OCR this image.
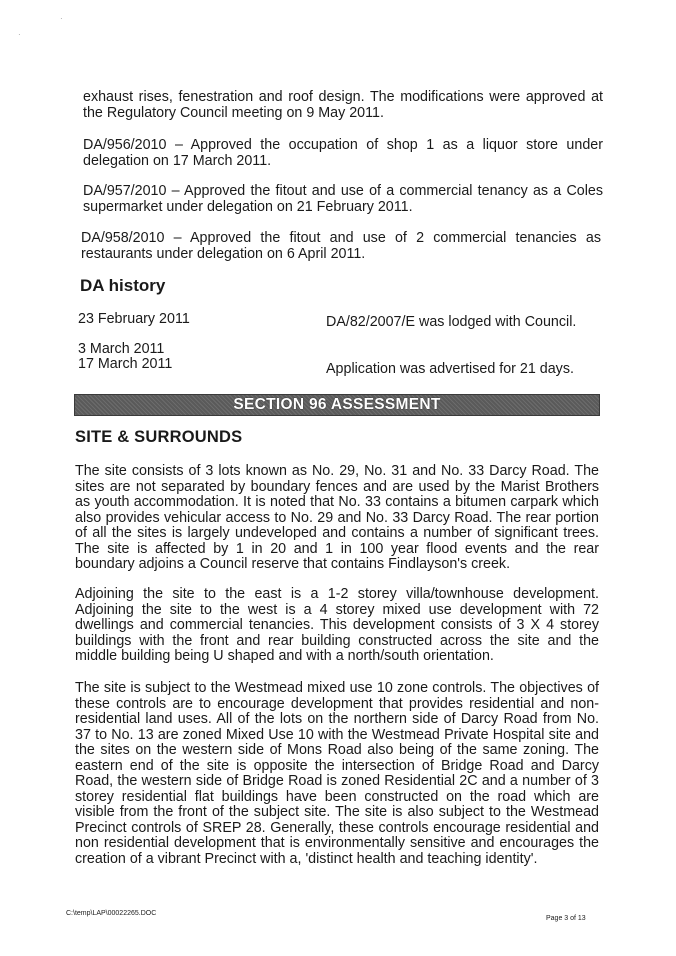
·
·

exhaust rises, fenestration and roof design. The modifications were approved at the Regulatory Council meeting on 9 May 2011.

DA/956/2010 – Approved the occupation of shop 1 as a liquor store under delegation on 17 March 2011.

DA/957/2010 – Approved the fitout and use of a commercial tenancy as a Coles supermarket under delegation on 21 February 2011.

DA/958/2010 – Approved the fitout and use of 2 commercial tenancies as restaurants under delegation on 6 April 2011.

DA history
23 February 2011	DA/82/2007/E was lodged with Council.
3 March 2011
17 March 2011	Application was advertised for 21 days.
SECTION 96 ASSESSMENT
SITE & SURROUNDS

The site consists of 3 lots known as No. 29, No. 31 and No. 33 Darcy Road. The sites are not separated by boundary fences and are used by the Marist Brothers as youth accommodation. It is noted that No. 33 contains a bitumen carpark which also provides vehicular access to No. 29 and No. 33 Darcy Road. The rear portion of all the sites is largely undeveloped and contains a number of significant trees. The site is affected by 1 in 20 and 1 in 100 year flood events and the rear boundary adjoins a Council reserve that contains Findlayson's creek.

Adjoining the site to the east is a 1-2 storey villa/townhouse development. Adjoining the site to the west is a 4 storey mixed use development with 72 dwellings and commercial tenancies. This development consists of 3 X 4 storey buildings with the front and rear building constructed across the site and the middle building being U shaped and with a north/south orientation.

The site is subject to the Westmead mixed use 10 zone controls. The objectives of these controls are to encourage development that provides residential and non-residential land uses. All of the lots on the northern side of Darcy Road from No. 37 to No. 13 are zoned Mixed Use 10 with the Westmead Private Hospital site and the sites on the western side of Mons Road also being of the same zoning. The eastern end of the site is opposite the intersection of Bridge Road and Darcy Road, the western side of Bridge Road is zoned Residential 2C and a number of 3 storey residential flat buildings have been constructed on the road which are visible from the front of the subject site. The site is also subject to the Westmead Precinct controls of SREP 28. Generally, these controls encourage residential and non residential development that is environmentally sensitive and encourages the creation of a vibrant Precinct with a, 'distinct health and teaching identity'.

C:\temp\LAP\00022265.DOC
Page 3 of 13
